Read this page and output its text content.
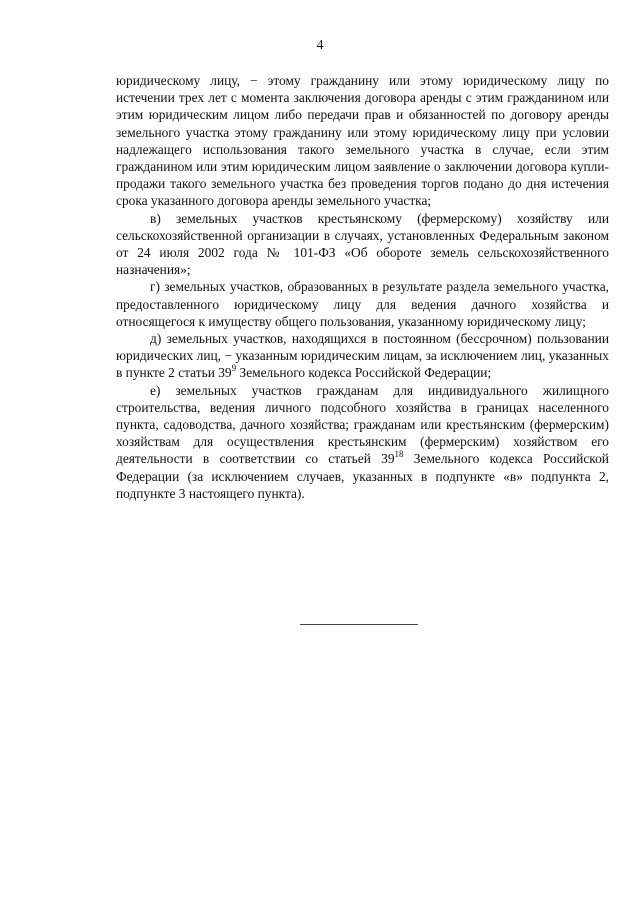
4

юридическому лицу, − этому гражданину или этому юридическому лицу по истечении трех лет с момента заключения договора аренды с этим гражданином или этим юридическим лицом либо передачи прав и обязанностей по договору аренды земельного участка этому гражданину или этому юридическому лицу при условии надлежащего использования такого земельного участка в случае, если этим гражданином или этим юридическим лицом заявление о заключении договора купли-продажи такого земельного участка без проведения торгов подано до дня истечения срока указанного договора аренды земельного участка;

в) земельных участков крестьянскому (фермерскому) хозяйству или сельскохозяйственной организации в случаях, установленных Федеральным законом от 24 июля 2002 года № 101-ФЗ «Об обороте земель сельскохозяйственного назначения»;

г) земельных участков, образованных в результате раздела земельного участка, предоставленного юридическому лицу для ведения дачного хозяйства и относящегося к имуществу общего пользования, указанному юридическому лицу;

д) земельных участков, находящихся в постоянном (бессрочном) пользовании юридических лиц, − указанным юридическим лицам, за исключением лиц, указанных в пункте 2 статьи $39^9$ Земельного кодекса Российской Федерации;

е) земельных участков гражданам для индивидуального жилищного строительства, ведения личного подсобного хозяйства в границах населенного пункта, садоводства, дачного хозяйства; гражданам или крестьянским (фермерским) хозяйствам для осуществления крестьянским (фермерским) хозяйством его деятельности в соответствии со статьей $39^{18}$ Земельного кодекса Российской Федерации (за исключением случаев, указанных в подпункте «в» подпункта 2, подпункте 3 настоящего пункта).
